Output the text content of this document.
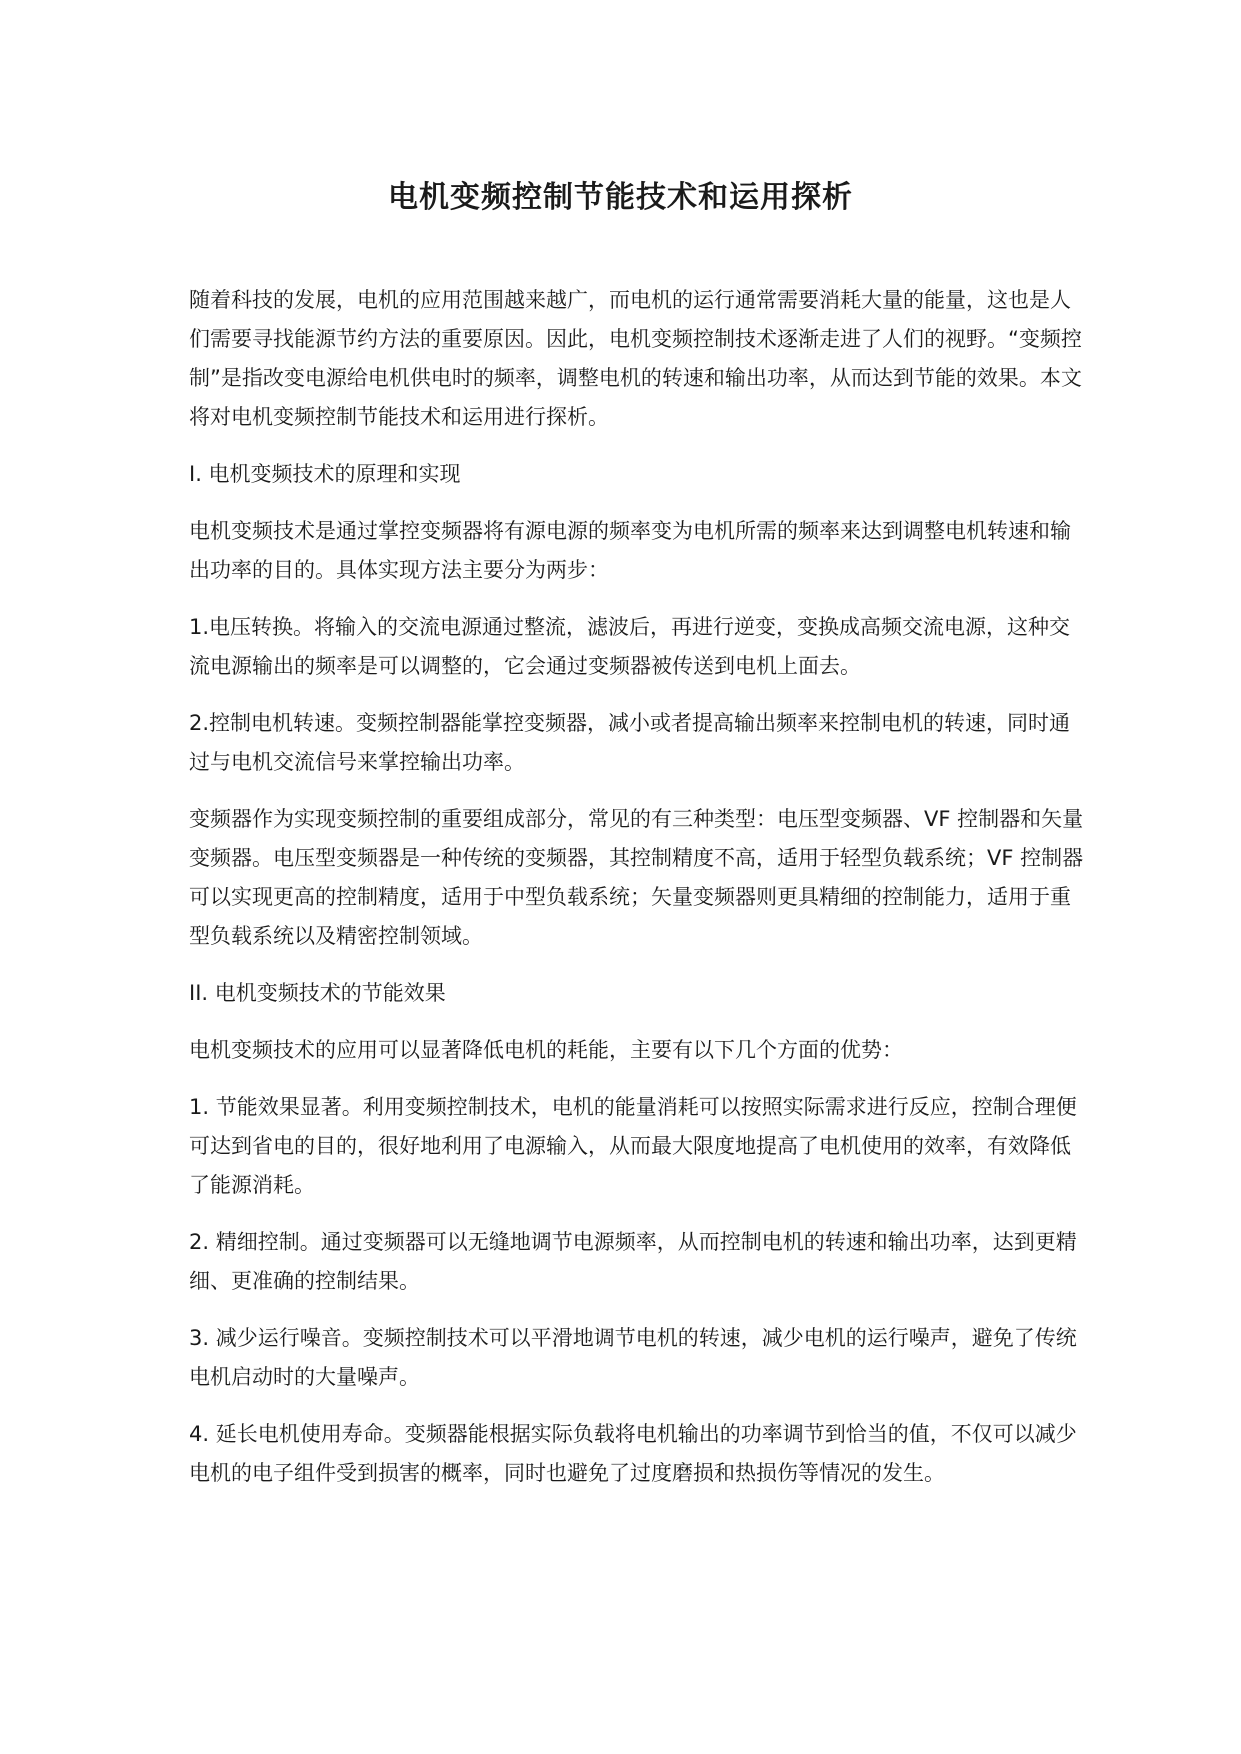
电机变频控制节能技术和运用探析

随着科技的发展，电机的应用范围越来越广，而电机的运行通常需要消耗大量的能量，这也是人们需要寻找能源节约方法的重要原因。因此，电机变频控制技术逐渐走进了人们的视野。“变频控制”是指改变电源给电机供电时的频率，调整电机的转速和输出功率，从而达到节能的效果。本文将对电机变频控制节能技术和运用进行探析。

I. 电机变频技术的原理和实现

电机变频技术是通过掌控变频器将有源电源的频率变为电机所需的频率来达到调整电机转速和输出功率的目的。具体实现方法主要分为两步：

1.电压转换。将输入的交流电源通过整流，滤波后，再进行逆变，变换成高频交流电源，这种交流电源输出的频率是可以调整的，它会通过变频器被传送到电机上面去。

2.控制电机转速。变频控制器能掌控变频器，减小或者提高输出频率来控制电机的转速，同时通过与电机交流信号来掌控输出功率。

变频器作为实现变频控制的重要组成部分，常见的有三种类型：电压型变频器、VF 控制器和矢量变频器。电压型变频器是一种传统的变频器，其控制精度不高，适用于轻型负载系统；VF 控制器可以实现更高的控制精度，适用于中型负载系统；矢量变频器则更具精细的控制能力，适用于重型负载系统以及精密控制领域。

II. 电机变频技术的节能效果

电机变频技术的应用可以显著降低电机的耗能，主要有以下几个方面的优势：

1. 节能效果显著。利用变频控制技术，电机的能量消耗可以按照实际需求进行反应，控制合理便可达到省电的目的，很好地利用了电源输入，从而最大限度地提高了电机使用的效率，有效降低了能源消耗。

2. 精细控制。通过变频器可以无缝地调节电源频率，从而控制电机的转速和输出功率，达到更精细、更准确的控制结果。

3. 减少运行噪音。变频控制技术可以平滑地调节电机的转速，减少电机的运行噪声，避免了传统电机启动时的大量噪声。

4. 延长电机使用寿命。变频器能根据实际负载将电机输出的功率调节到恰当的值，不仅可以减少电机的电子组件受到损害的概率，同时也避免了过度磨损和热损伤等情况的发生。
